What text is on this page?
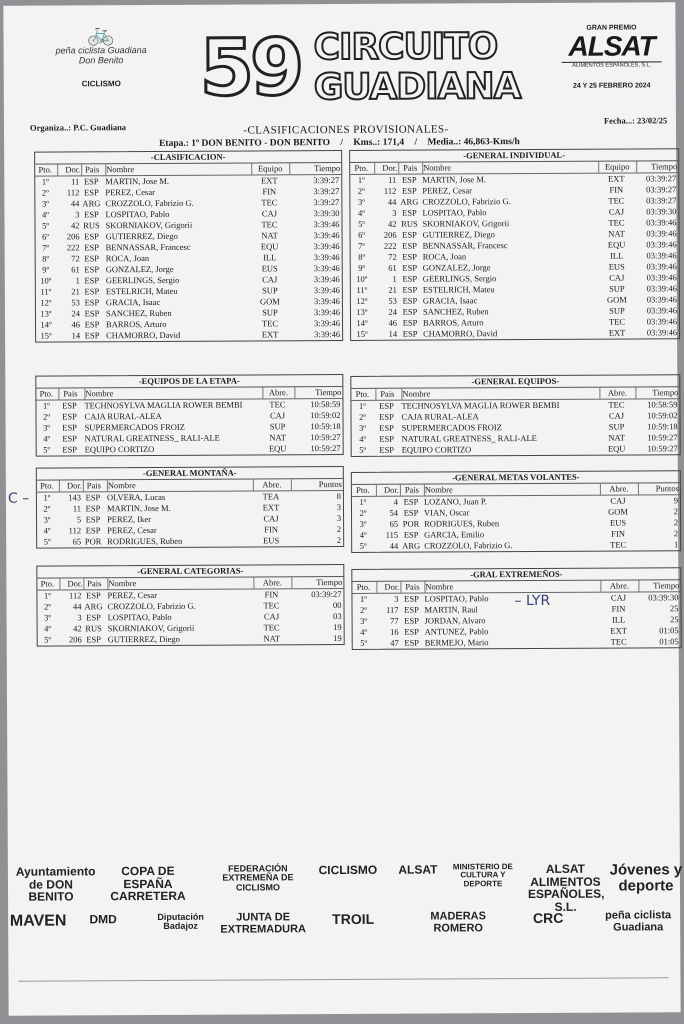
🚲
peña ciclista Guadiana
Don Benito
CICLISMO	59 CIRCUITO
GUADIANA
GRAN PREMIO
ALSAT
ALIMENTOS ESPAÑOLES, S.L.
24 Y 25 FEBRERO 2024
Organiza..: P.C. Guadiana
Fecha...: 23/02/25
-CLASIFICACIONES PROVISIONALES-
Etapa.: 1º DON BENITO - DON BENITO / Kms..: 171,4 / Media..: 46,863-Kms/h
-CLASIFICACION-
Pto.	Dor. Pais Nombre	Equipo	Tiempo
1º	11 ESP MARTIN, Jose M.	EXT	3:39:27
2º	112 ESP PEREZ, Cesar	FIN	3:39:27
3º	44 ARG CROZZOLO, Fabrizio G.	TEC	3:39:27
4º	3 ESP LOSPITAO, Pablo	CAJ	3:39:30
5º	42 RUS SKORNIAKOV, Grigorii	TEC	3:39:46
6º	206 ESP GUTIERREZ, Diego	NAT	3:39:46
7º	222 ESP BENNASSAR, Francesc	EQU	3:39:46
8º	72 ESP ROCA, Joan	ILL	3:39:46
9º	61 ESP GONZALEZ, Jorge	EUS	3:39:46
10º	1 ESP GEERLINGS, Sergio	CAJ	3:39:46
11º	21 ESP ESTELRICH, Mateu	SUP	3:39:46
12º	53 ESP GRACIA, Isaac	GOM	3:39:46
13º	24 ESP SANCHEZ, Ruben	SUP	3:39:46
14º	46 ESP BARROS, Arturo	TEC	3:39:46
15º	14 ESP CHAMORRO, David	EXT	3:39:46
-GENERAL INDIVIDUAL-
Pto.	Dor. Pais Nombre	Equipo	Tiempo
1º	11 ESP MARTIN, Jose M.	EXT	03:39:27
2º	112 ESP PEREZ, Cesar	FIN	03:39:27
3º	44 ARG CROZZOLO, Fabrizio G.	TEC	03:39:27
4º	3 ESP LOSPITAO, Pablo	CAJ	03:39:30
5º	42 RUS SKORNIAKOV, Grigorii	TEC	03:39:46
6º	206 ESP GUTIERREZ, Diego	NAT	03:39:46
7º	222 ESP BENNASSAR, Francesc	EQU	03:39:46
8º	72 ESP ROCA, Joan	ILL	03:39:46
9º	61 ESP GONZALEZ, Jorge	EUS	03:39:46
10º	1 ESP GEERLINGS, Sergio	CAJ	03:39:46
11º	21 ESP ESTELRICH, Mateu	SUP	03:39:46
12º	53 ESP GRACIA, Isaac	GOM	03:39:46
13º	24 ESP SANCHEZ, Ruben	SUP	03:39:46
14º	46 ESP BARROS, Arturo	TEC	03:39:46
15º	14 ESP CHAMORRO, David	EXT	03:39:46
-EQUIPOS DE LA ETAPA-
Pto.	Pais Nombre	Abre.	Tiempo
1º	ESP TECHNOSYLVA MAGLIA ROWER BEMBI	TEC	10:58:59
2º	ESP CAJA RURAL-ALEA	CAJ	10:59:02
3º	ESP SUPERMERCADOS FROIZ	SUP	10:59:18
4º	ESP NATURAL GREATNESS_ RALI-ALE	NAT	10:59:27
5º	ESP EQUIPO CORTIZO	EQU	10:59:27
-GENERAL EQUIPOS-
Pto.	Pais Nombre	Abre.	Tiempo
1º	ESP TECHNOSYLVA MAGLIA ROWER BEMBI	TEC	10:58:59
2º	ESP CAJA RURAL-ALEA	CAJ	10:59:02
3º	ESP SUPERMERCADOS FROIZ	SUP	10:59:18
4º	ESP NATURAL GREATNESS_ RALI-ALE	NAT	10:59:27
5º	ESP EQUIPO CORTIZO	EQU	10:59:27
-GENERAL MONTAÑA-
Pto.	Dor. Pais Nombre	Abre.	Puntos
1º	143 ESP OLVERA, Lucas	TEA	8
2º	11 ESP MARTIN, Jose M.	EXT	3
3º	5 ESP PEREZ, Iker	CAJ	3
4º	112 ESP PEREZ, Cesar	FIN	2
5º	65 POR RODRIGUES, Ruben	EUS	2
-GENERAL METAS VOLANTES-
Pto.	Dor. Pais Nombre	Abre.	Puntos
1º	4 ESP LOZANO, Juan P.	CAJ	9
2º	54 ESP VIAN, Oscar	GOM	2
3º	65 POR RODRIGUES, Ruben	EUS	2
4º	115 ESP GARCIA, Emilio	FIN	2
5º	44 ARG CROZZOLO, Fabrizio G.	TEC	1
-GENERAL CATEGORIAS-
Pto.	Dor. Pais Nombre	Abre.	Tiempo
1º	112 ESP PEREZ, Cesar	FIN	03:39:27
2º	44 ARG CROZZOLO, Fabrizio G.	TEC	00
3º	3 ESP LOSPITAO, Pablo	CAJ	03
4º	42 RUS SKORNIAKOV, Grigorii	TEC	19
5º	206 ESP GUTIERREZ, Diego	NAT	19
-GRAL EXTREMEÑOS-
Pto.	Dor. Pais Nombre	Abre.	Tiempo
1º	3 ESP LOSPITAO, Pablo	CAJ	03:39:30
2º	117 ESP MARTIN, Raul	FIN	25
3º	77 ESP JORDAN, Alvaro	ILL	25
4º	16 ESP ANTUNEZ, Pablo	EXT	01:05
5º	47 ESP BERMEJO, Mario	TEC	01:05
C –
– LYR
Ayuntamiento de DON BENITO
COPA DE ESPAÑA CARRETERA
FEDERACIÓN EXTREMEÑA DE CICLISMO
CICLISMO	ALSAT	MINISTERIO DE CULTURA Y DEPORTE
ALSAT ALIMENTOS ESPAÑOLES, S.L.
Jóvenes y deporte
MAVEN	DMD	Diputación Badajoz
JUNTA DE EXTREMADURA
TROIL	MADERAS ROMERO
CRC	peña ciclista Guadiana
